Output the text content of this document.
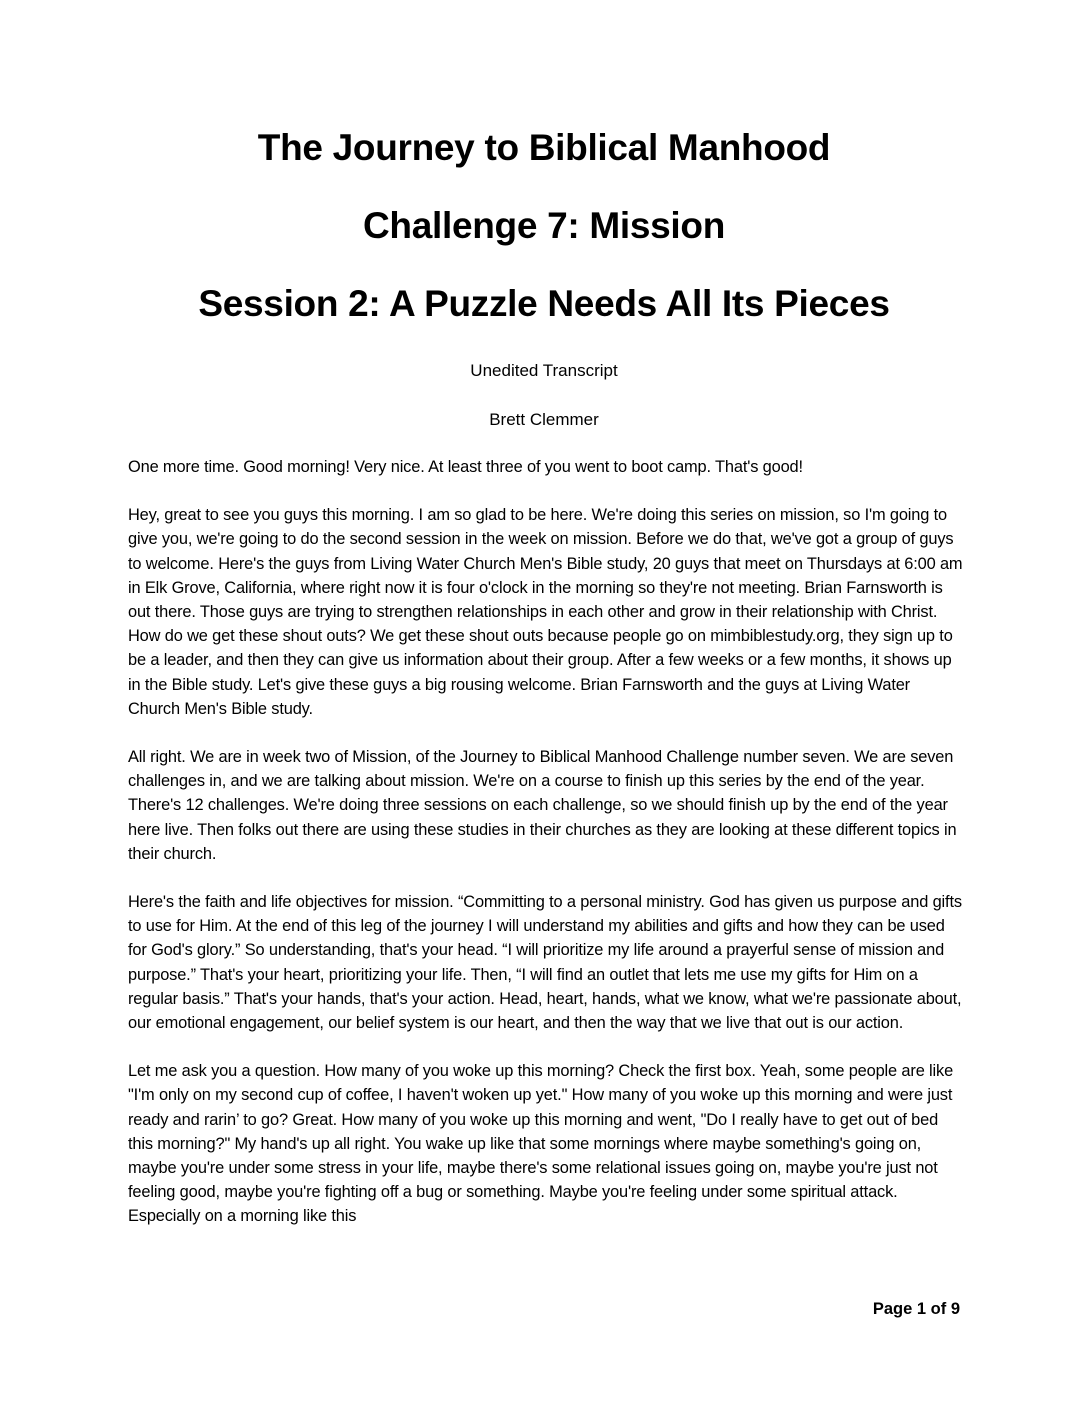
The Journey to Biblical Manhood
Challenge 7: Mission
Session 2: A Puzzle Needs All Its Pieces
Unedited Transcript
Brett Clemmer

One more time. Good morning! Very nice. At least three of you went to boot camp. That's good!

Hey, great to see you guys this morning. I am so glad to be here. We're doing this series on mission, so I'm going to give you, we're going to do the second session in the week on mission. Before we do that, we've got a group of guys to welcome. Here's the guys from Living Water Church Men's Bible study, 20 guys that meet on Thursdays at 6:00 am in Elk Grove, California, where right now it is four o'clock in the morning so they're not meeting. Brian Farnsworth is out there. Those guys are trying to strengthen relationships in each other and grow in their relationship with Christ. How do we get these shout outs? We get these shout outs because people go on mimbiblestudy.org, they sign up to be a leader, and then they can give us information about their group. After a few weeks or a few months, it shows up in the Bible study. Let's give these guys a big rousing welcome. Brian Farnsworth and the guys at Living Water Church Men's Bible study.

All right. We are in week two of Mission, of the Journey to Biblical Manhood Challenge number seven. We are seven challenges in, and we are talking about mission. We're on a course to finish up this series by the end of the year. There's 12 challenges. We're doing three sessions on each challenge, so we should finish up by the end of the year here live. Then folks out there are using these studies in their churches as they are looking at these different topics in their church.

Here's the faith and life objectives for mission. “Committing to a personal ministry. God has given us purpose and gifts to use for Him. At the end of this leg of the journey I will understand my abilities and gifts and how they can be used for God's glory.” So understanding, that's your head. “I will prioritize my life around a prayerful sense of mission and purpose.” That's your heart, prioritizing your life. Then, “I will find an outlet that lets me use my gifts for Him on a regular basis.” That's your hands, that's your action. Head, heart, hands, what we know, what we're passionate about, our emotional engagement, our belief system is our heart, and then the way that we live that out is our action.

Let me ask you a question. How many of you woke up this morning? Check the first box. Yeah, some people are like "I'm only on my second cup of coffee, I haven't woken up yet." How many of you woke up this morning and were just ready and rarin’ to go? Great. How many of you woke up this morning and went, "Do I really have to get out of bed this morning?" My hand's up all right. You wake up like that some mornings where maybe something's going on, maybe you're under some stress in your life, maybe there's some relational issues going on, maybe you're just not feeling good, maybe you're fighting off a bug or something. Maybe you're feeling under some spiritual attack. Especially on a morning like this

Page 1 of 9
